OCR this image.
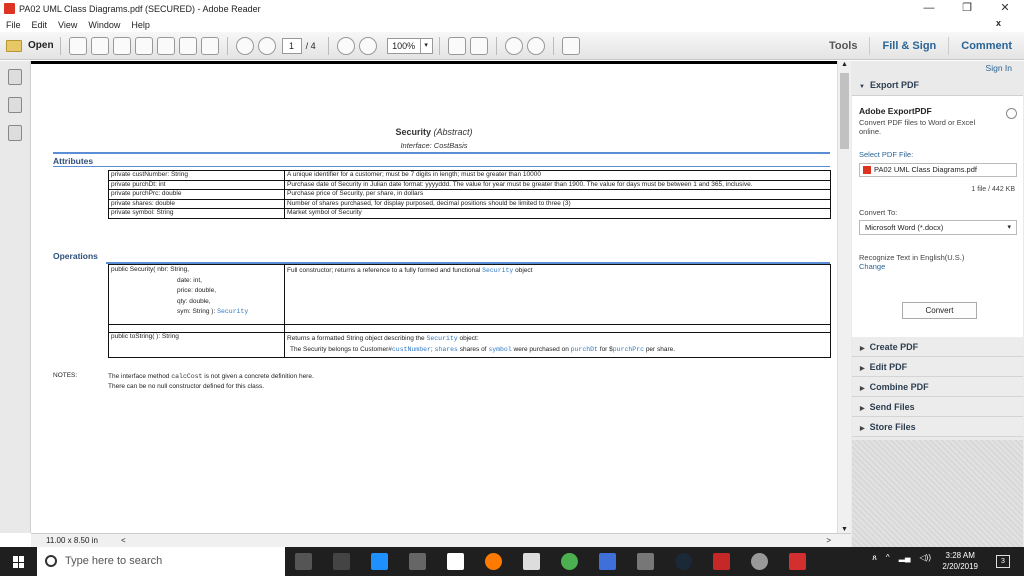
PA02 UML Class Diagrams.pdf (SECURED) - Adobe Reader	—	❐	✕
File Edit View Window Help	x
Open	1	/ 4	100%	▾	Tools	Fill & Sign	Comment
Security (Abstract)
Interface: CostBasis
Attributes
private custNumber: String	A unique identifier for a customer; must be 7 digits in length; must be greater than 10000
private purchDt: int	Purchase date of Security in Julian date format: yyyyddd. The value for year must be greater than 1900. The value for days must be between 1 and 365, inclusive.
private purchPrc: double	Purchase price of Security, per share, in dollars
private shares: double	Number of shares purchased, for display purposed, decimal positions should be limited to three (3)
private symbol: String	Market symbol of Security
Operations
public Security( nbr: String,
date: int,
price: double,
qty: double,
sym: String ): Security	Full constructor; returns a reference to a fully formed and functional Security object

public toString( ): String	Returns a formatted String object describing the Security object:
The Security belongs to Customer#custNumber; shares shares of symbol were purchased on purchDt for $purchPrc per share.
NOTES:	The interface method calcCost is not given a concrete definition here.
There can be no null constructor defined for this class.
▲
▼
11.00 x 8.50 in	<	>
Sign In
▼ Export PDF
Adobe ExportPDF
Convert PDF files to Word or Excel online.
Select PDF File:
PA02 UML Class Diagrams.pdf
1 file / 442 KB
Convert To:
Microsoft Word (*.docx)	▾
Recognize Text in English(U.S.)
Change
Convert
▶ Create PDF
▶ Edit PDF
▶ Combine PDF
▶ Send Files
▶ Store Files
Type here to search	ጸ ^ ▂▄ ◁))	3:28 AM
2/20/2019
3
